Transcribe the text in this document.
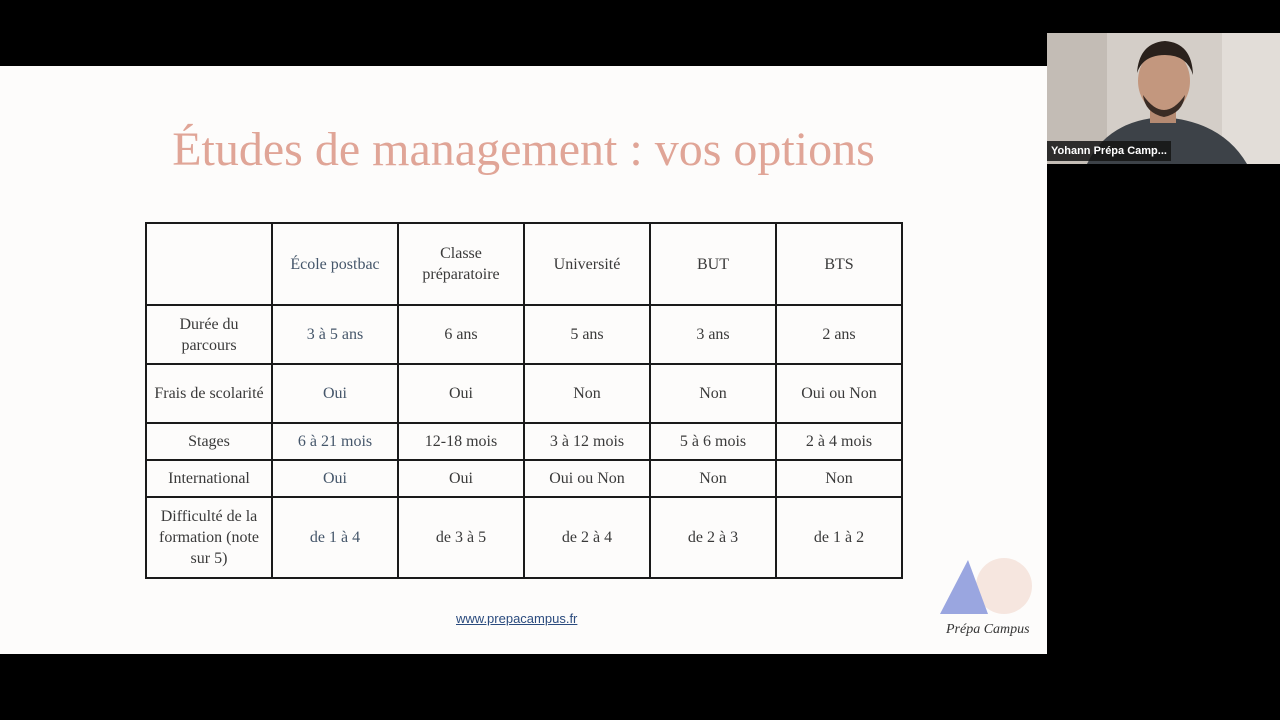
Études de management : vos options
	École postbac	Classe préparatoire	Université	BUT	BTS
Durée du parcours	3 à 5 ans	6 ans	5 ans	3 ans	2 ans
Frais de scolarité	Oui	Oui	Non	Non	Oui ou Non
Stages	6 à 21 mois	12-18 mois	3 à 12 mois	5 à 6 mois	2 à 4 mois
International	Oui	Oui	Oui ou Non	Non	Non
Difficulté de la formation (note sur 5)	de 1 à 4	de 3 à 5	de 2 à 4	de 2 à 3	de 1 à 2
www.prepacampus.fr
Prépa Campus
Yohann Prépa Camp...
